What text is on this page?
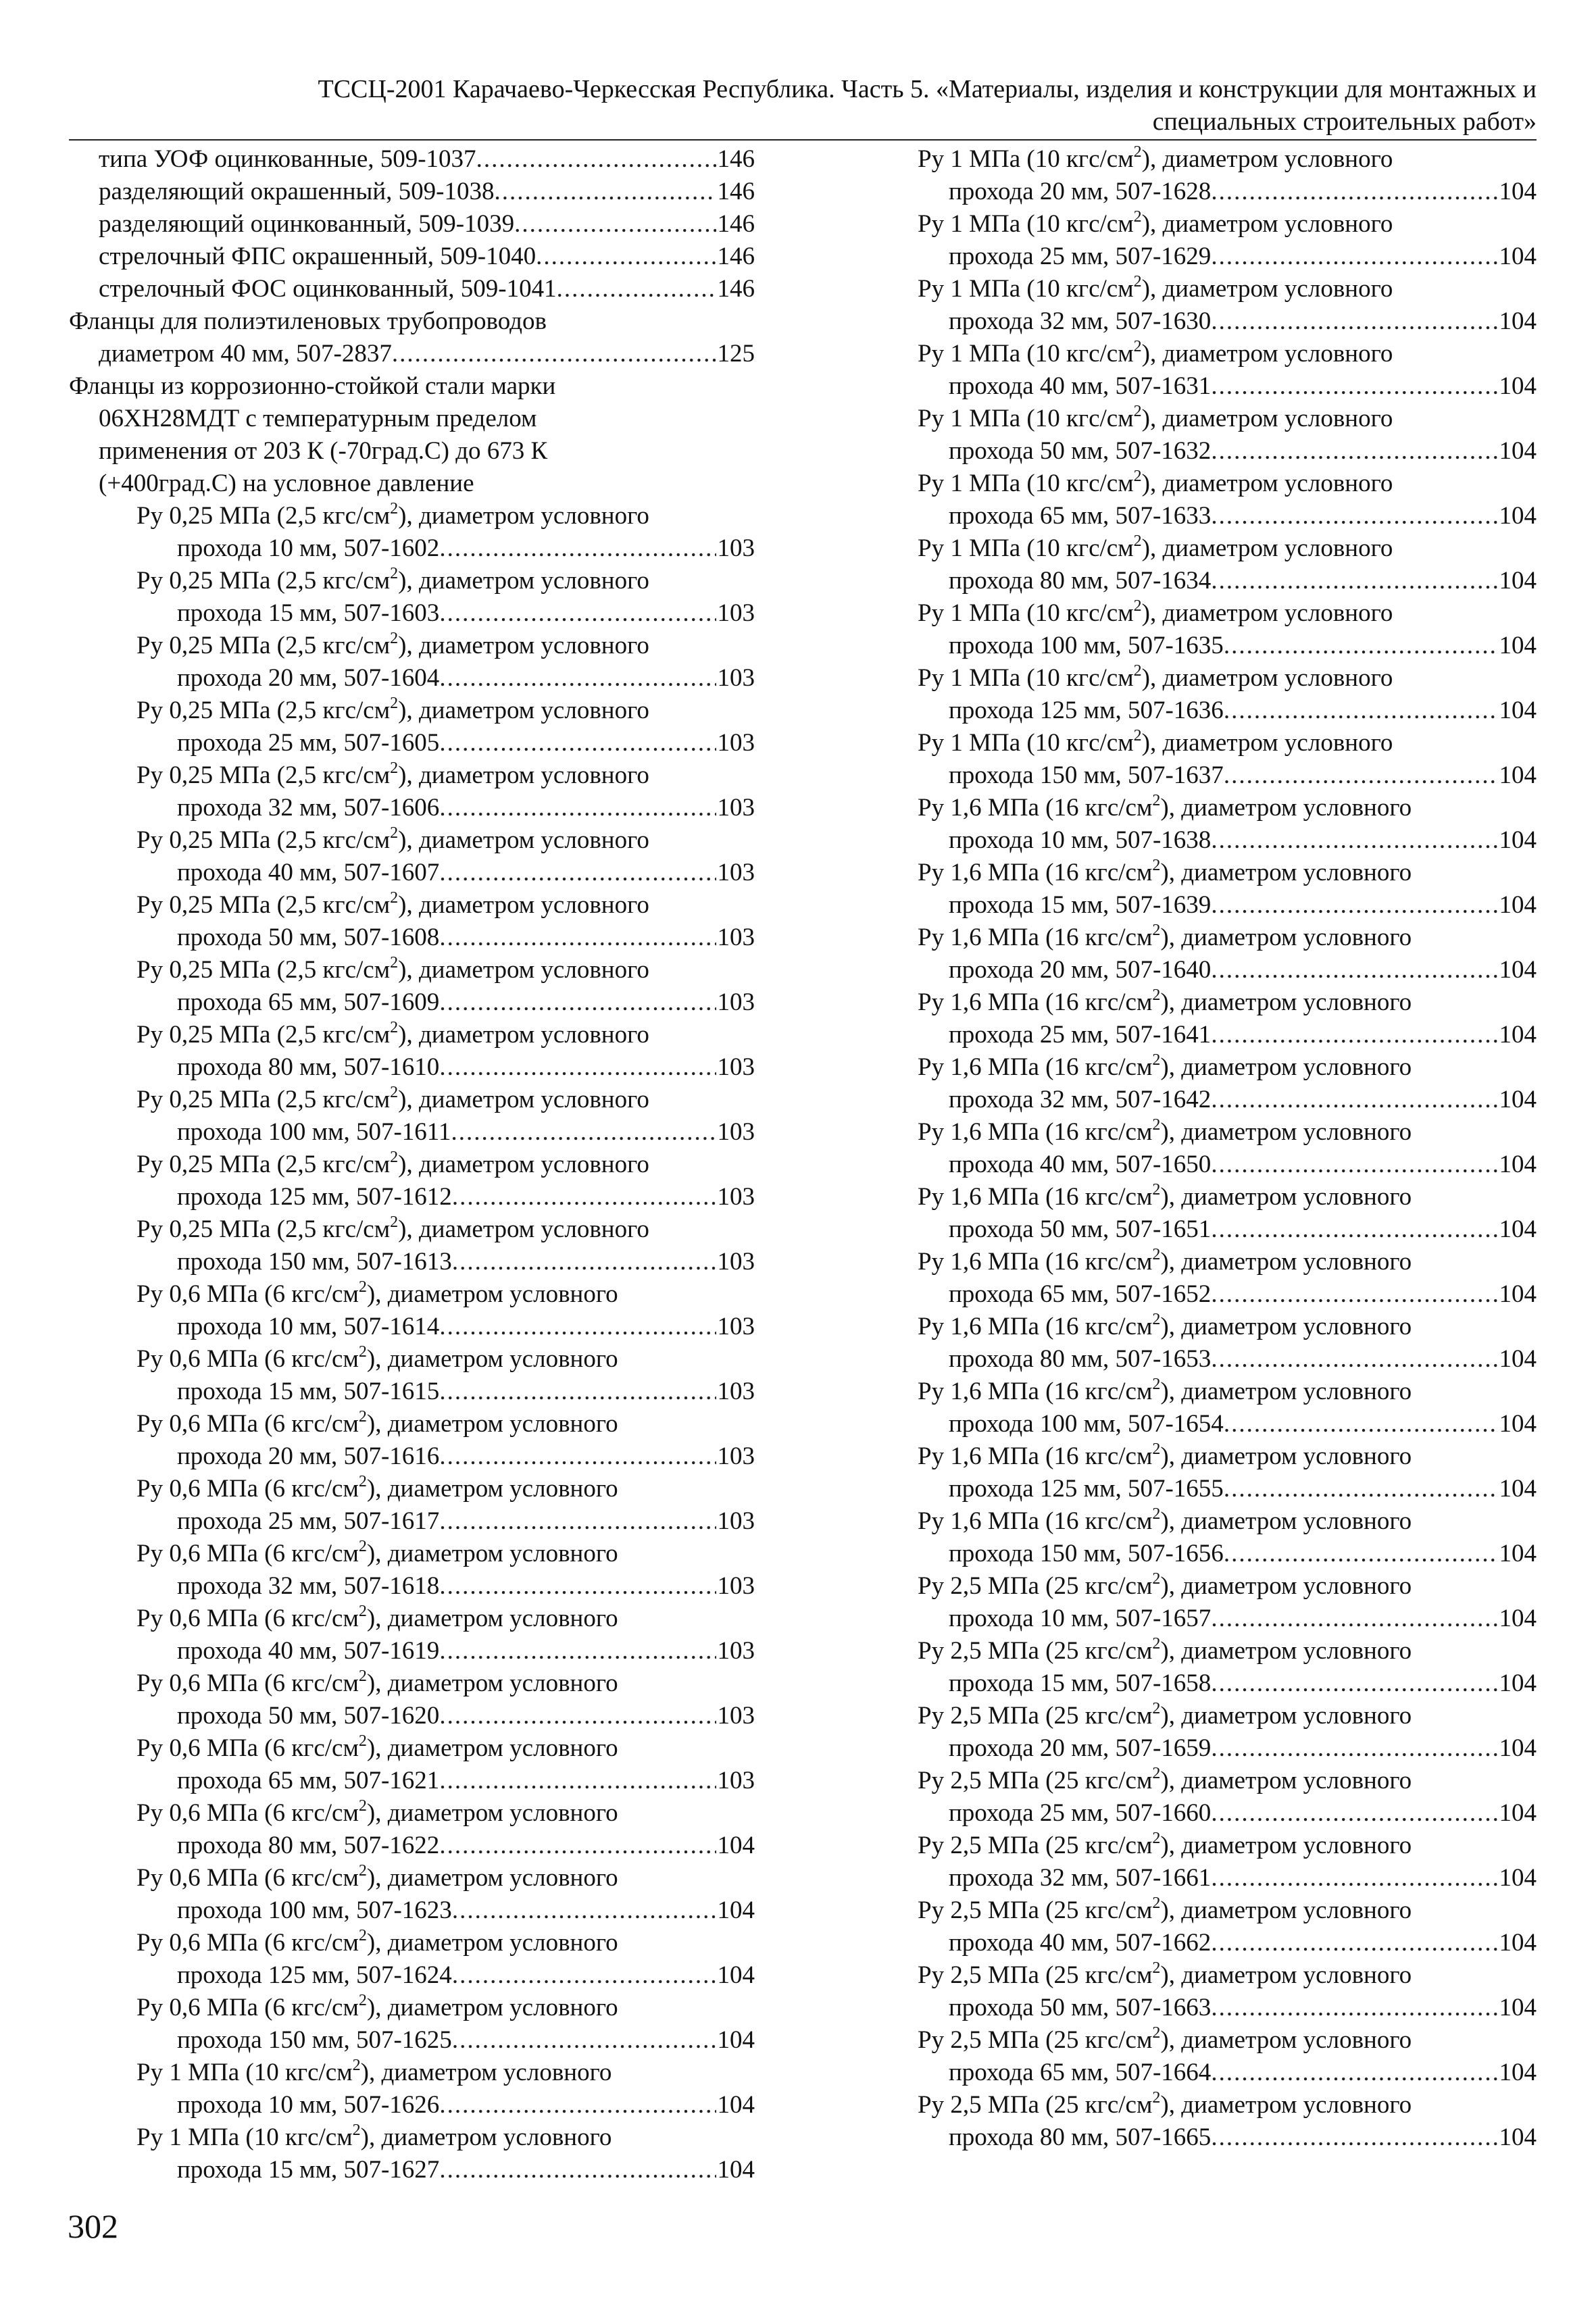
ТССЦ-2001 Карачаево-Черкесская Республика. Часть 5. «Материалы, изделия и конструкции для монтажных и
специальных строительных работ»
типа УОФ оцинкованные, 509-1037 .....	146
разделяющий окрашенный, 509-1038 .....	146
разделяющий оцинкованный, 509-1039 .....	146
стрелочный ФПС окрашенный, 509-1040 .....	146
стрелочный ФОС оцинкованный, 509-1041 .....	146
Фланцы для полиэтиленовых трубопроводов
диаметром 40 мм, 507-2837 .....	125
Фланцы из коррозионно-стойкой стали марки
06ХН28МДТ с температурным пределом
применения от 203 К (-70град.С) до 673 К
(+400град.С) на условное давление
Ру 0,25 МПа (2,5 кгс/$см^2$), диаметром условного
прохода 10 мм, 507-1602 .....	103
Ру 0,25 МПа (2,5 кгс/$см^2$), диаметром условного
прохода 15 мм, 507-1603 .....	103
Ру 0,25 МПа (2,5 кгс/$см^2$), диаметром условного
прохода 20 мм, 507-1604 .....	103
Ру 0,25 МПа (2,5 кгс/$см^2$), диаметром условного
прохода 25 мм, 507-1605 .....	103
Ру 0,25 МПа (2,5 кгс/$см^2$), диаметром условного
прохода 32 мм, 507-1606 .....	103
Ру 0,25 МПа (2,5 кгс/$см^2$), диаметром условного
прохода 40 мм, 507-1607 .....	103
Ру 0,25 МПа (2,5 кгс/$см^2$), диаметром условного
прохода 50 мм, 507-1608 .....	103
Ру 0,25 МПа (2,5 кгс/$см^2$), диаметром условного
прохода 65 мм, 507-1609 .....	103
Ру 0,25 МПа (2,5 кгс/$см^2$), диаметром условного
прохода 80 мм, 507-1610 .....	103
Ру 0,25 МПа (2,5 кгс/$см^2$), диаметром условного
прохода 100 мм, 507-1611 .....	103
Ру 0,25 МПа (2,5 кгс/$см^2$), диаметром условного
прохода 125 мм, 507-1612 .....	103
Ру 0,25 МПа (2,5 кгс/$см^2$), диаметром условного
прохода 150 мм, 507-1613 .....	103
Ру 0,6 МПа (6 кгс/$см^2$), диаметром условного
прохода 10 мм, 507-1614 .....	103
Ру 0,6 МПа (6 кгс/$см^2$), диаметром условного
прохода 15 мм, 507-1615 .....	103
Ру 0,6 МПа (6 кгс/$см^2$), диаметром условного
прохода 20 мм, 507-1616 .....	103
Ру 0,6 МПа (6 кгс/$см^2$), диаметром условного
прохода 25 мм, 507-1617 .....	103
Ру 0,6 МПа (6 кгс/$см^2$), диаметром условного
прохода 32 мм, 507-1618 .....	103
Ру 0,6 МПа (6 кгс/$см^2$), диаметром условного
прохода 40 мм, 507-1619 .....	103
Ру 0,6 МПа (6 кгс/$см^2$), диаметром условного
прохода 50 мм, 507-1620 .....	103
Ру 0,6 МПа (6 кгс/$см^2$), диаметром условного
прохода 65 мм, 507-1621 .....	103
Ру 0,6 МПа (6 кгс/$см^2$), диаметром условного
прохода 80 мм, 507-1622 .....	104
Ру 0,6 МПа (6 кгс/$см^2$), диаметром условного
прохода 100 мм, 507-1623 .....	104
Ру 0,6 МПа (6 кгс/$см^2$), диаметром условного
прохода 125 мм, 507-1624 .....	104
Ру 0,6 МПа (6 кгс/$см^2$), диаметром условного
прохода 150 мм, 507-1625 .....	104
Ру 1 МПа (10 кгс/$см^2$), диаметром условного
прохода 10 мм, 507-1626 .....	104
Ру 1 МПа (10 кгс/$см^2$), диаметром условного
прохода 15 мм, 507-1627 .....	104
Ру 1 МПа (10 кгс/$см^2$), диаметром условного
прохода 20 мм, 507-1628 .....	104
Ру 1 МПа (10 кгс/$см^2$), диаметром условного
прохода 25 мм, 507-1629 .....	104
Ру 1 МПа (10 кгс/$см^2$), диаметром условного
прохода 32 мм, 507-1630 .....	104
Ру 1 МПа (10 кгс/$см^2$), диаметром условного
прохода 40 мм, 507-1631 .....	104
Ру 1 МПа (10 кгс/$см^2$), диаметром условного
прохода 50 мм, 507-1632 .....	104
Ру 1 МПа (10 кгс/$см^2$), диаметром условного
прохода 65 мм, 507-1633 .....	104
Ру 1 МПа (10 кгс/$см^2$), диаметром условного
прохода 80 мм, 507-1634 .....	104
Ру 1 МПа (10 кгс/$см^2$), диаметром условного
прохода 100 мм, 507-1635 .....	104
Ру 1 МПа (10 кгс/$см^2$), диаметром условного
прохода 125 мм, 507-1636 .....	104
Ру 1 МПа (10 кгс/$см^2$), диаметром условного
прохода 150 мм, 507-1637 .....	104
Ру 1,6 МПа (16 кгс/$см^2$), диаметром условного
прохода 10 мм, 507-1638 .....	104
Ру 1,6 МПа (16 кгс/$см^2$), диаметром условного
прохода 15 мм, 507-1639 .....	104
Ру 1,6 МПа (16 кгс/$см^2$), диаметром условного
прохода 20 мм, 507-1640 .....	104
Ру 1,6 МПа (16 кгс/$см^2$), диаметром условного
прохода 25 мм, 507-1641 .....	104
Ру 1,6 МПа (16 кгс/$см^2$), диаметром условного
прохода 32 мм, 507-1642 .....	104
Ру 1,6 МПа (16 кгс/$см^2$), диаметром условного
прохода 40 мм, 507-1650 .....	104
Ру 1,6 МПа (16 кгс/$см^2$), диаметром условного
прохода 50 мм, 507-1651 .....	104
Ру 1,6 МПа (16 кгс/$см^2$), диаметром условного
прохода 65 мм, 507-1652 .....	104
Ру 1,6 МПа (16 кгс/$см^2$), диаметром условного
прохода 80 мм, 507-1653 .....	104
Ру 1,6 МПа (16 кгс/$см^2$), диаметром условного
прохода 100 мм, 507-1654 .....	104
Ру 1,6 МПа (16 кгс/$см^2$), диаметром условного
прохода 125 мм, 507-1655 .....	104
Ру 1,6 МПа (16 кгс/$см^2$), диаметром условного
прохода 150 мм, 507-1656 .....	104
Ру 2,5 МПа (25 кгс/$см^2$), диаметром условного
прохода 10 мм, 507-1657 .....	104
Ру 2,5 МПа (25 кгс/$см^2$), диаметром условного
прохода 15 мм, 507-1658 .....	104
Ру 2,5 МПа (25 кгс/$см^2$), диаметром условного
прохода 20 мм, 507-1659 .....	104
Ру 2,5 МПа (25 кгс/$см^2$), диаметром условного
прохода 25 мм, 507-1660 .....	104
Ру 2,5 МПа (25 кгс/$см^2$), диаметром условного
прохода 32 мм, 507-1661 .....	104
Ру 2,5 МПа (25 кгс/$см^2$), диаметром условного
прохода 40 мм, 507-1662 .....	104
Ру 2,5 МПа (25 кгс/$см^2$), диаметром условного
прохода 50 мм, 507-1663 .....	104
Ру 2,5 МПа (25 кгс/$см^2$), диаметром условного
прохода 65 мм, 507-1664 .....	104
Ру 2,5 МПа (25 кгс/$см^2$), диаметром условного
прохода 80 мм, 507-1665 .....	104
302
